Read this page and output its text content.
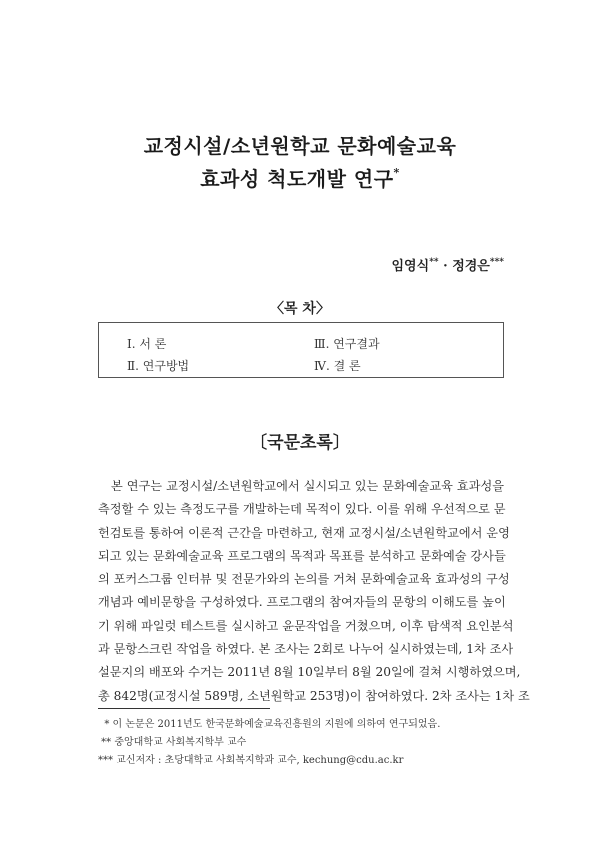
교정시설/소년원학교 문화예술교육
효과성 척도개발 연구*
임영식** · 정경은***
〈목 차〉
Ⅰ. 서 론
Ⅱ. 연구방법
Ⅲ. 연구결과
Ⅳ. 결 론
〔국문초록〕
본 연구는 교정시설/소년원학교에서 실시되고 있는 문화예술교육 효과성을
측정할 수 있는 측정도구를 개발하는데 목적이 있다. 이를 위해 우선적으로 문
헌검토를 통하여 이론적 근간을 마련하고, 현재 교정시설/소년원학교에서 운영
되고 있는 문화예술교육 프로그램의 목적과 목표를 분석하고 문화예술 강사들
의 포커스그룹 인터뷰 및 전문가와의 논의를 거쳐 문화예술교육 효과성의 구성
개념과 예비문항을 구성하였다. 프로그램의 참여자들의 문항의 이해도를 높이
기 위해 파일럿 테스트를 실시하고 윤문작업을 거쳤으며, 이후 탐색적 요인분석
과 문항스크린 작업을 하였다. 본 조사는 2회로 나누어 실시하였는데, 1차 조사
설문지의 배포와 수거는 2011년 8월 10일부터 8월 20일에 걸쳐 시행하였으며,
총 842명(교정시설 589명, 소년원학교 253명)이 참여하였다. 2차 조사는 1차 조
* 이 논문은 2011년도 한국문화예술교육진흥원의 지원에 의하여 연구되었음.
** 중앙대학교 사회복지학부 교수
*** 교신저자 : 초당대학교 사회복지학과 교수, kechung@cdu.ac.kr
